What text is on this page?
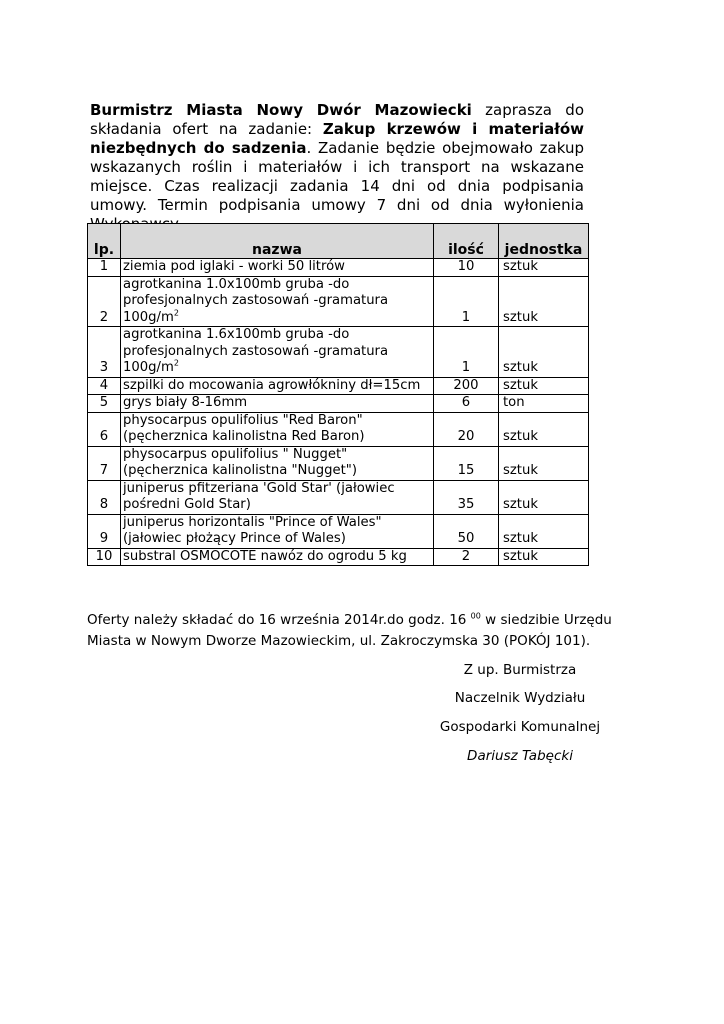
Burmistrz Miasta Nowy Dwór Mazowiecki zaprasza do składania ofert na zadanie: Zakup krzewów i materiałów niezbędnych do sadzenia. Zadanie będzie obejmowało zakup wskazanych roślin i materiałów i ich transport na wskazane miejsce. Czas realizacji zadania 14 dni od dnia podpisania umowy. Termin podpisania umowy 7 dni od dnia wyłonienia

lp.	nazwa	ilość	jednostka
1	ziemia pod iglaki - worki 50 litrów	10	sztuk
2	agrotkanina 1.0x100mb gruba -do
profesjonalnych zastosowań -gramatura
$100g/m^2$	1	sztuk
3	agrotkanina 1.6x100mb gruba -do
profesjonalnych zastosowań -gramatura
$100g/m^2$	1	sztuk
4	szpilki do mocowania agrowłókniny dł=15cm	200	sztuk
5	grys biały 8-16mm	6	ton
6	physocarpus opulifolius "Red Baron"
(pęcherznica kalinolistna Red Baron)	20	sztuk
7	physocarpus opulifolius " Nugget"
(pęcherznica kalinolistna "Nugget")	15	sztuk
8	juniperus pfitzeriana 'Gold Star' (jałowiec
pośredni Gold Star)	35	sztuk
9	juniperus horizontalis "Prince of Wales"
(jałowiec płożący Prince of Wales)	50	sztuk
10	substral OSMOCOTE nawóz do ogrodu 5 kg	2	sztuk

Oferty należy składać do 16 września 2014r.do godz. 16 $^{00}$ w siedzibie Urzędu Miasta w Nowym Dworze Mazowieckim, ul. Zakroczymska 30 (POKÓJ 101).

Z up. Burmistrza
Naczelnik Wydziału
Gospodarki Komunalnej
Dariusz Tabęcki
